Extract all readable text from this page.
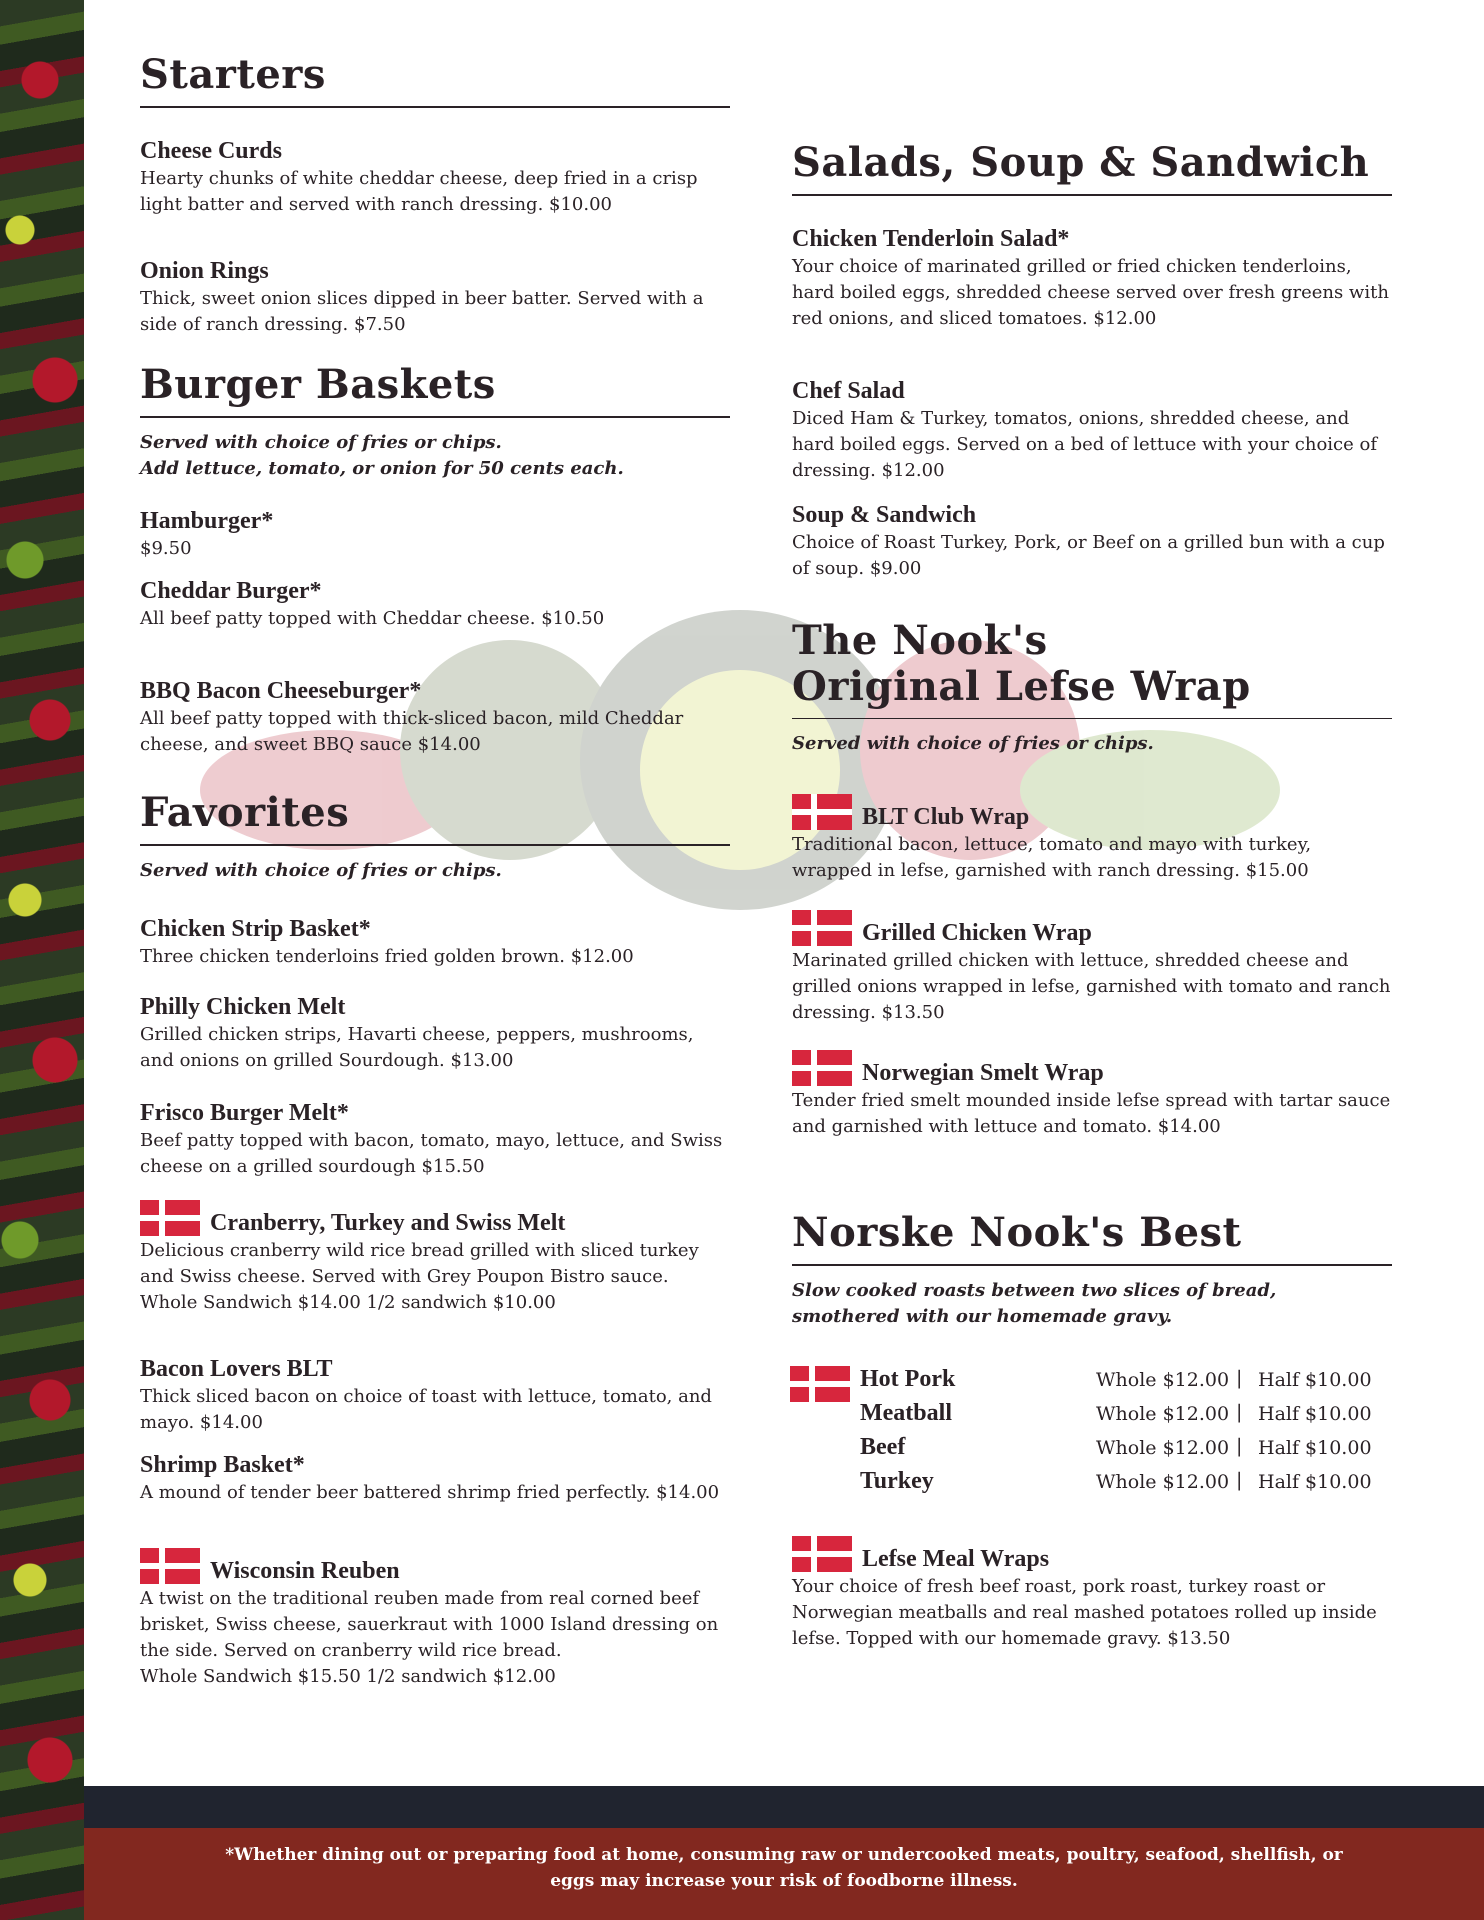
Starters
Cheese Curds
Hearty chunks of white cheddar cheese, deep fried in a crisp light batter and served with ranch dressing. $10.00
Onion Rings
Thick, sweet onion slices dipped in beer batter. Served with a side of ranch dressing. $7.50
Burger Baskets
Served with choice of fries or chips.
Add lettuce, tomato, or onion for 50 cents each.
Hamburger*
$9.50
Cheddar Burger*
All beef patty topped with Cheddar cheese. $10.50
BBQ Bacon Cheeseburger*
All beef patty topped with thick-sliced bacon, mild Cheddar cheese, and sweet BBQ sauce $14.00
Favorites
Served with choice of fries or chips.
Chicken Strip Basket*
Three chicken tenderloins fried golden brown. $12.00
Philly Chicken Melt
Grilled chicken strips, Havarti cheese, peppers, mushrooms, and onions on grilled Sourdough. $13.00
Frisco Burger Melt*
Beef patty topped with bacon, tomato, mayo, lettuce, and Swiss cheese on a grilled sourdough $15.50
Cranberry, Turkey and Swiss Melt
Delicious cranberry wild rice bread grilled with sliced turkey and Swiss cheese. Served with Grey Poupon Bistro sauce.
Whole Sandwich $14.00 1/2 sandwich $10.00
Bacon Lovers BLT
Thick sliced bacon on choice of toast with lettuce, tomato, and mayo. $14.00
Shrimp Basket*
A mound of tender beer battered shrimp fried perfectly. $14.00
Wisconsin Reuben
A twist on the traditional reuben made from real corned beef brisket, Swiss cheese, sauerkraut with 1000 Island dressing on the side. Served on cranberry wild rice bread.
Whole Sandwich $15.50 1/2 sandwich $12.00
Salads, Soup & Sandwich
Chicken Tenderloin Salad*
Your choice of marinated grilled or fried chicken tenderloins, hard boiled eggs, shredded cheese served over fresh greens with red onions, and sliced tomatoes. $12.00
Chef Salad
Diced Ham & Turkey, tomatos, onions, shredded cheese, and hard boiled eggs. Served on a bed of lettuce with your choice of dressing. $12.00
Soup & Sandwich
Choice of Roast Turkey, Pork, or Beef on a grilled bun with a cup of soup. $9.00
The Nook's
Original Lefse Wrap
Served with choice of fries or chips.
BLT Club Wrap
Traditional bacon, lettuce, tomato and mayo with turkey, wrapped in lefse, garnished with ranch dressing. $15.00
Grilled Chicken Wrap
Marinated grilled chicken with lettuce, shredded cheese and grilled onions wrapped in lefse, garnished with tomato and ranch dressing. $13.50
Norwegian Smelt Wrap
Tender fried smelt mounded inside lefse spread with tartar sauce and garnished with lettuce and tomato. $14.00
Norske Nook's Best
Slow cooked roasts between two slices of bread,
smothered with our homemade gravy.
Hot Pork	Whole $12.00 | Half $10.00
Meatball	Whole $12.00 | Half $10.00
Beef	Whole $12.00 | Half $10.00
Turkey	Whole $12.00 | Half $10.00
Lefse Meal Wraps
Your choice of fresh beef roast, pork roast, turkey roast or Norwegian meatballs and real mashed potatoes rolled up inside lefse. Topped with our homemade gravy. $13.50
*Whether dining out or preparing food at home, consuming raw or undercooked meats, poultry, seafood, shellfish, or
eggs may increase your risk of foodborne illness.
